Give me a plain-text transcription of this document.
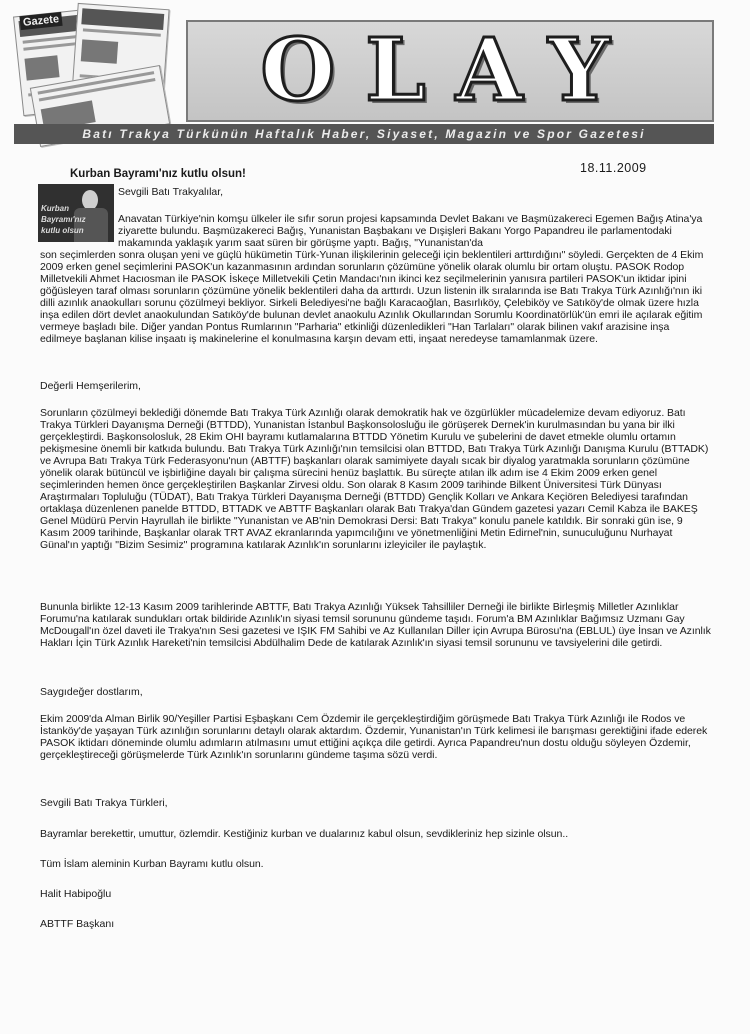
Gazete	OLAY
Batı Trakya Türkünün Haftalık Haber, Siyaset, Magazin ve Spor Gazetesi
18.11.2009
Kurban Bayramı'nız kutlu olsun!
Kurban
Bayramı'nız
kutlu olsun
Sevgili Batı Trakyalılar,

Anavatan Türkiye'nin komşu ülkeler ile sıfır sorun projesi kapsamında Devlet Bakanı ve Başmüzakereci Egemen Bağış Atina'ya ziyarette bulundu. Başmüzakereci Bağış, Yunanistan Başbakanı ve Dışişleri Bakanı Yorgo Papandreu ile parlamentodaki makamında yaklaşık yarım saat süren bir görüşme yaptı. Bağış, "Yunanistan'da

son seçimlerden sonra oluşan yeni ve güçlü hükümetin Türk-Yunan ilişkilerinin geleceği için beklentileri arttırdığını" söyledi. Gerçekten de 4 Ekim 2009 erken genel seçimlerini PASOK'un kazanmasının ardından sorunların çözümüne yönelik olarak olumlu bir ortam oluştu. PASOK Rodop Milletvekili Ahmet Hacıosman ile PASOK İskeçe Milletvekili Çetin Mandacı'nın ikinci kez seçilmelerinin yanısıra partileri PASOK'un iktidar ipini göğüsleyen taraf olması sorunların çözümüne yönelik beklentileri daha da arttırdı. Uzun listenin ilk sıralarında ise Batı Trakya Türk Azınlığı'nın iki dilli azınlık anaokulları sorunu çözülmeyi bekliyor. Sirkeli Belediyesi'ne bağlı Karacaoğlan, Basırlıköy, Çelebiköy ve Satıköy'de olmak üzere hızla inşa edilen dört devlet anaokulundan Satıköy'de bulunan devlet anaokulu Azınlık Okullarından Sorumlu Koordinatörlük'ün emri ile açılarak eğitim vermeye başladı bile. Diğer yandan Pontus Rumlarının "Parharia" etkinliği düzenledikleri "Han Tarlaları" olarak bilinen vakıf arazisine inşa edilmeye başlanan kilise inşaatı iş makinelerine el konulmasına karşın devam etti, inşaat neredeyse tamamlanmak üzere.

Değerli Hemşerilerim,

Sorunların çözülmeyi beklediği dönemde Batı Trakya Türk Azınlığı olarak demokratik hak ve özgürlükler mücadelemize devam ediyoruz. Batı Trakya Türkleri Dayanışma Derneği (BTTDD), Yunanistan İstanbul Başkonsolosluğu ile görüşerek Dernek'in kurulmasından bu yana bir ilki gerçekleştirdi. Başkonsolosluk, 28 Ekim OHI bayramı kutlamalarına BTTDD Yönetim Kurulu ve şubelerini de davet etmekle olumlu ortamın pekişmesine önemli bir katkıda bulundu. Batı Trakya Türk Azınlığı'nın temsilcisi olan BTTDD, Batı Trakya Türk Azınlığı Danışma Kurulu (BTTADK) ve Avrupa Batı Trakya Türk Federasyonu'nun (ABTTF) başkanları olarak samimiyete dayalı sıcak bir diyalog yaratmakla sorunların çözümüne yönelik olarak bütüncül ve işbirliğine dayalı bir çalışma sürecini henüz başlattık. Bu süreçte atılan ilk adım ise 4 Ekim 2009 erken genel seçimlerinden hemen önce gerçekleştirilen Başkanlar Zirvesi oldu. Son olarak 8 Kasım 2009 tarihinde Bilkent Üniversitesi Türk Dünyası Araştırmaları Topluluğu (TÜDAT), Batı Trakya Türkleri Dayanışma Derneği (BTTDD) Gençlik Kolları ve Ankara Keçiören Belediyesi tarafından ortaklaşa düzenlenen panelde BTTDD, BTTADK ve ABTTF Başkanları olarak Batı Trakya'dan Gündem gazetesi yazarı Cemil Kabza ile BAKEŞ Genel Müdürü Pervin Hayrullah ile birlikte "Yunanistan ve AB'nin Demokrasi Dersi: Batı Trakya" konulu panele katıldık. Bir sonraki gün ise, 9 Kasım 2009 tarihinde, Başkanlar olarak TRT AVAZ ekranlarında yapımcılığını ve yönetmenliğini Metin Edirnel'nin, sunuculuğunu Nurhayat Günal'ın yaptığı "Bizim Sesimiz" programına katılarak Azınlık'ın sorunlarını izleyiciler ile paylaştık.

Bununla birlikte 12-13 Kasım 2009 tarihlerinde ABTTF, Batı Trakya Azınlığı Yüksek Tahsilliler Derneği ile birlikte Birleşmiş Milletler Azınlıklar Forumu'na katılarak sundukları ortak bildiride Azınlık'ın siyasi temsil sorununu gündeme taşıdı. Forum'a BM Azınlıklar Bağımsız Uzmanı Gay McDougall'ın özel daveti ile Trakya'nın Sesi gazetesi ve IŞIK FM Sahibi ve Az Kullanılan Diller için Avrupa Bürosu'na (EBLUL) üye İnsan ve Azınlık Hakları İçin Türk Azınlık Hareketi'nin temsilcisi Abdülhalim Dede de katılarak Azınlık'ın siyasi temsil sorununu ve tavsiyelerini dile getirdi.

Saygıdeğer dostlarım,

Ekim 2009'da Alman Birlik 90/Yeşiller Partisi Eşbaşkanı Cem Özdemir ile gerçekleştirdiğim görüşmede Batı Trakya Türk Azınlığı ile Rodos ve İstanköy'de yaşayan Türk azınlığın sorunlarını detaylı olarak aktardım. Özdemir, Yunanistan'ın Türk kelimesi ile barışması gerektiğini ifade ederek PASOK iktidarı döneminde olumlu adımların atılmasını umut ettiğini açıkça dile getirdi. Ayrıca Papandreu'nun dostu olduğu söyleyen Özdemir, gerçekleştireceği görüşmelerde Türk Azınlık'ın sorunlarını gündeme taşıma sözü verdi.

Sevgili Batı Trakya Türkleri,

Bayramlar berekettir, umuttur, özlemdir. Kestiğiniz kurban ve dualarınız kabul olsun, sevdikleriniz hep sizinle olsun..

Tüm İslam aleminin Kurban Bayramı kutlu olsun.

Halit Habipoğlu
ABTTF Başkanı
